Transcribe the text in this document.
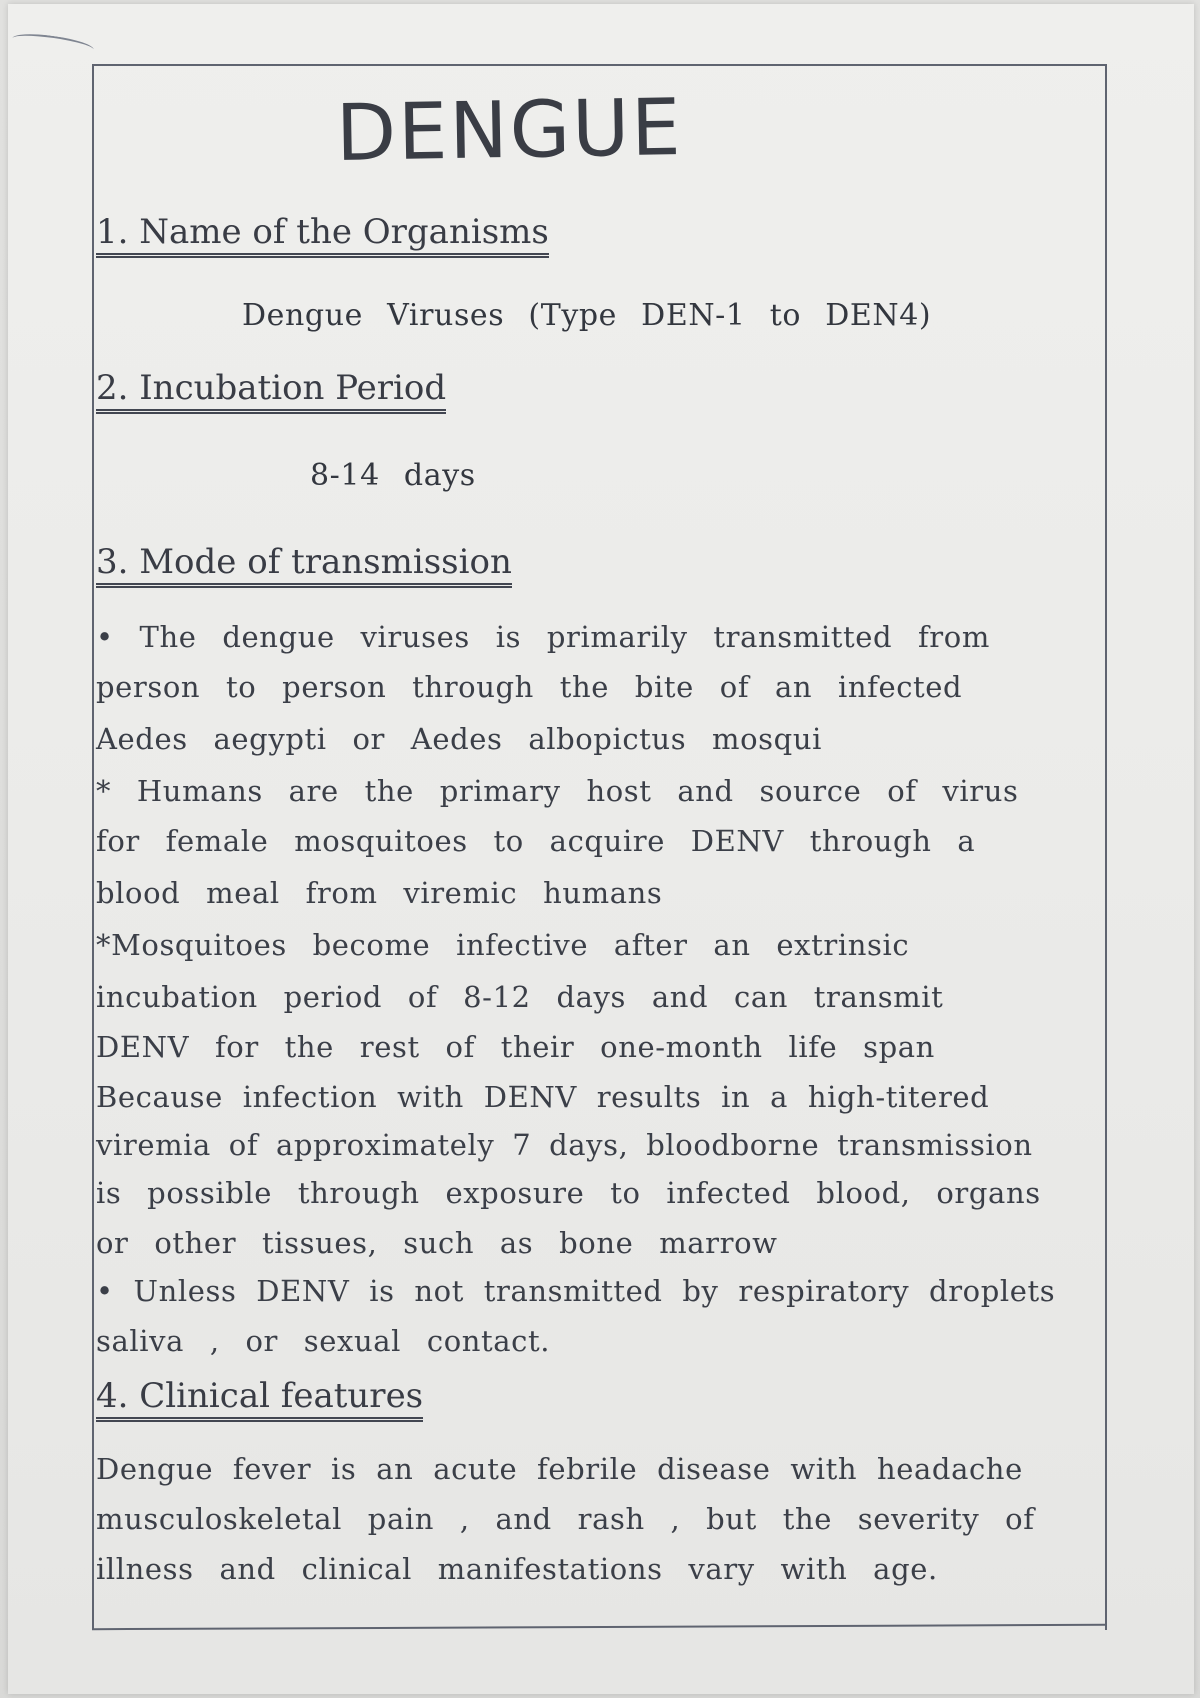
DENGUE
1. Name of the Organisms
Dengue Viruses (Type DEN-1 to DEN4)
2. Incubation Period
8-14 days
3. Mode of transmission
• The dengue viruses is primarily transmitted from
person to person through the bite of an infected
Aedes aegypti or Aedes albopictus mosqui
* Humans are the primary host and source of virus
for female mosquitoes to acquire DENV through a
blood meal from viremic humans
*Mosquitoes become infective after an extrinsic
incubation period of 8-12 days and can transmit
DENV for the rest of their one-month life span
Because infection with DENV results in a high-titered
viremia of approximately 7 days, bloodborne transmission
is possible through exposure to infected blood, organs
or other tissues, such as bone marrow
• Unless DENV is not transmitted by respiratory droplets
saliva , or sexual contact.
4. Clinical features
Dengue fever is an acute febrile disease with headache
musculoskeletal pain , and rash , but the severity of
illness and clinical manifestations vary with age.
